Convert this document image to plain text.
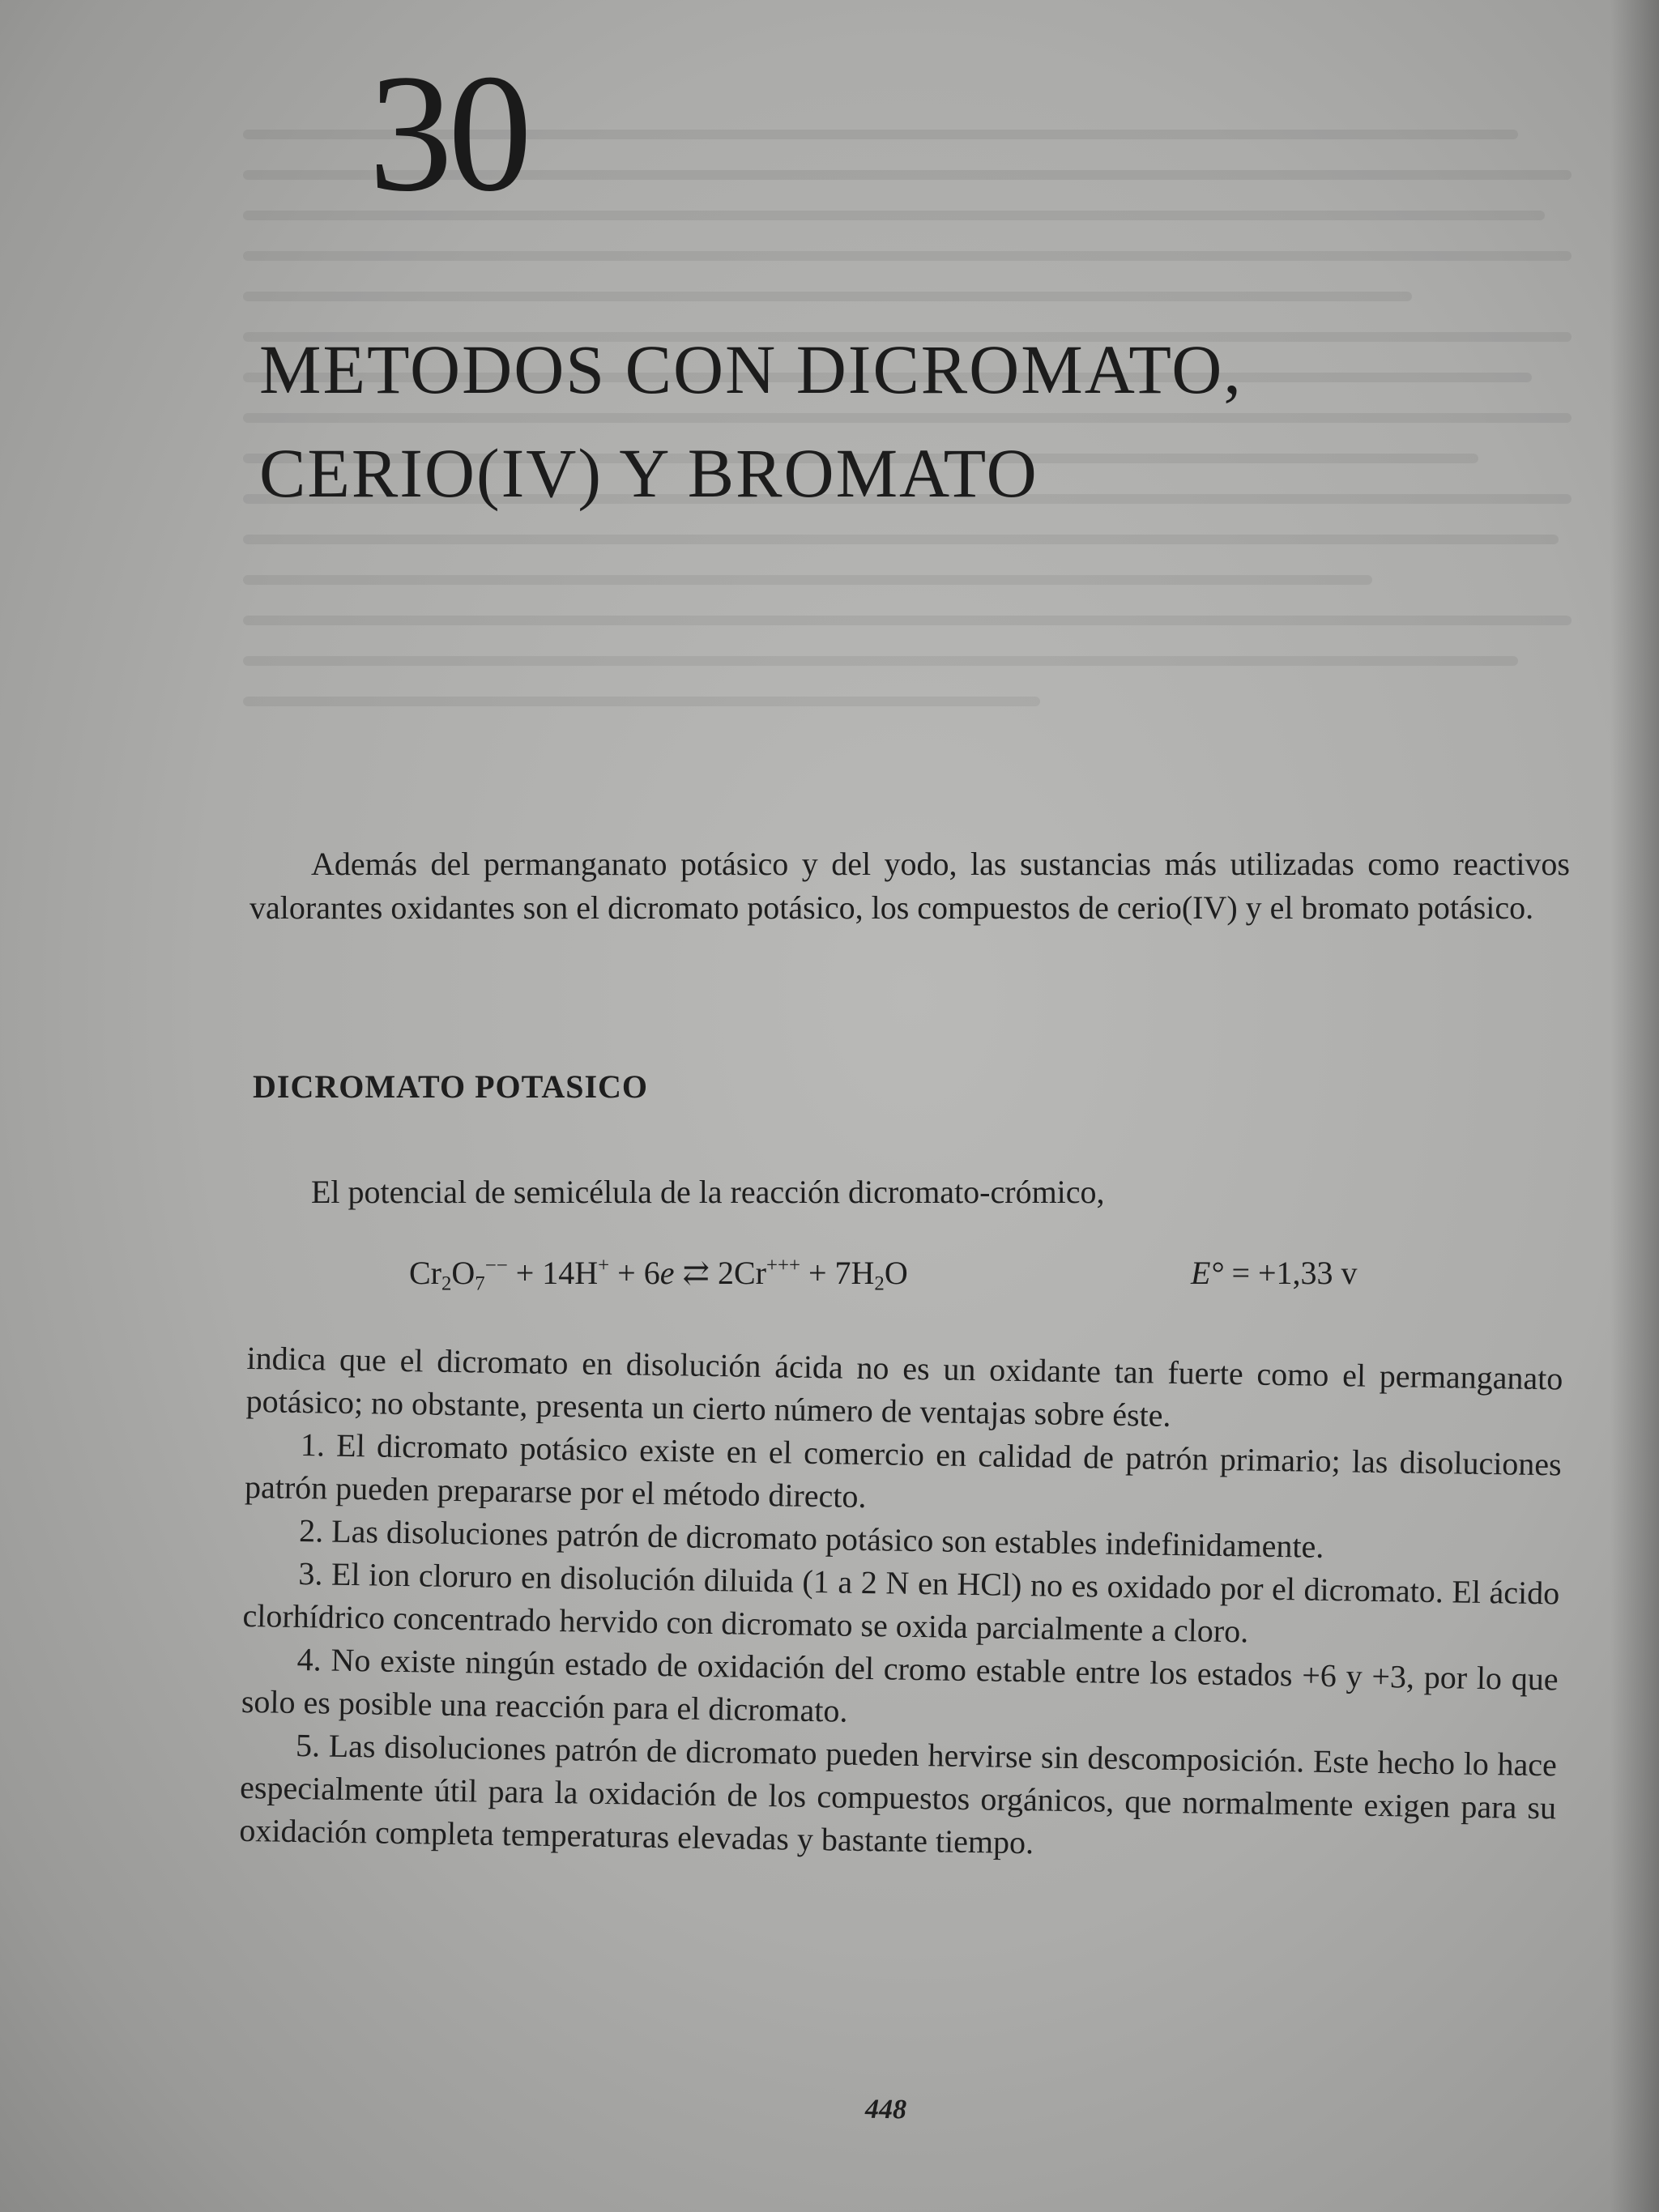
30
METODOS CON DICROMATO,
CERIO(IV) Y BROMATO

Además del permanganato potásico y del yodo, las sustancias más utilizadas como reactivos valorantes oxidantes son el dicromato potásico, los compuestos de cerio(IV) y el bromato potásico.

DICROMATO POTASICO

El potencial de semicélula de la reacción dicromato-crómico,

$Cr_2O_7^{--} + 14H^+ + 6e$ ⇄ $2Cr^{+++} + 7H_2O$	E° = +1,33 v

indica que el dicromato en disolución ácida no es un oxidante tan fuerte como el permanganato potásico; no obstante, presenta un cierto número de ventajas sobre éste.

1. El dicromato potásico existe en el comercio en calidad de patrón primario; las disoluciones patrón pueden prepararse por el método directo.

2. Las disoluciones patrón de dicromato potásico son estables indefinidamente.

3. El ion cloruro en disolución diluida (1 a 2 N en HCl) no es oxidado por el dicromato. El ácido clorhídrico concentrado hervido con dicromato se oxida parcialmente a cloro.

4. No existe ningún estado de oxidación del cromo estable entre los estados +6 y +3, por lo que solo es posible una reacción para el dicromato.

5. Las disoluciones patrón de dicromato pueden hervirse sin descomposición. Este hecho lo hace especialmente útil para la oxidación de los compuestos orgánicos, que normalmente exigen para su oxidación completa temperaturas elevadas y bastante tiempo.

448
